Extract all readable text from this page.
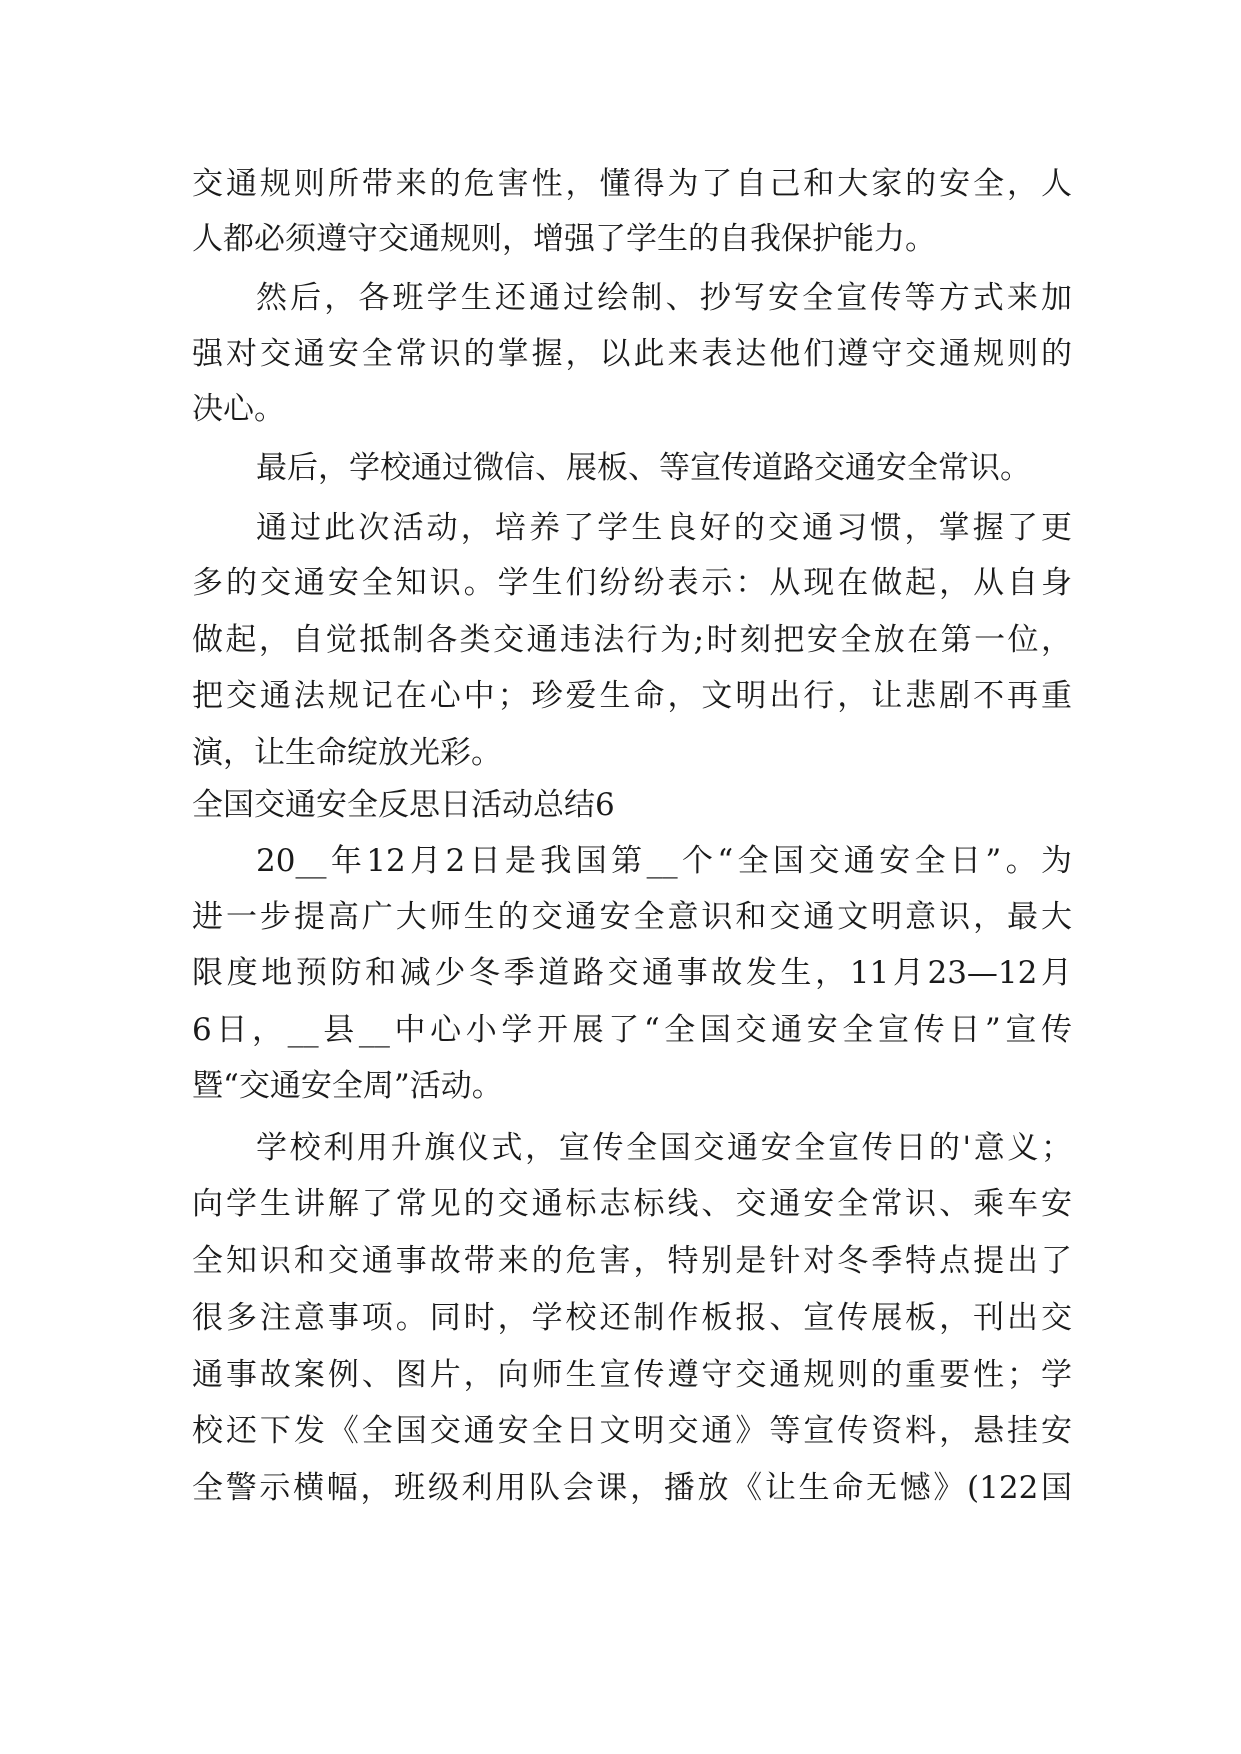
交通规则所带来的危害性，懂得为了自己和大家的安全，人
人都必须遵守交通规则，增强了学生的自我保护能力。
然后，各班学生还通过绘制、抄写安全宣传等方式来加
强对交通安全常识的掌握，以此来表达他们遵守交通规则的
决心。
最后，学校通过微信、展板、等宣传道路交通安全常识。
通过此次活动，培养了学生良好的交通习惯，掌握了更
多的交通安全知识。学生们纷纷表示：从现在做起，从自身
做起，自觉抵制各类交通违法行为;时刻把安全放在第一位，
把交通法规记在心中；珍爱生命，文明出行，让悲剧不再重
演，让生命绽放光彩。
全国交通安全反思日活动总结6
20__年12月2日是我国第__个“全国交通安全日”。为
进一步提高广大师生的交通安全意识和交通文明意识，最大
限度地预防和减少冬季道路交通事故发生，11月23—12月
6日，__县__中心小学开展了“全国交通安全宣传日”宣传
暨“交通安全周”活动。
学校利用升旗仪式，宣传全国交通安全宣传日的'意义；
向学生讲解了常见的交通标志标线、交通安全常识、乘车安
全知识和交通事故带来的危害，特别是针对冬季特点提出了
很多注意事项。同时，学校还制作板报、宣传展板，刊出交
通事故案例、图片，向师生宣传遵守交通规则的重要性；学
校还下发《全国交通安全日文明交通》等宣传资料，悬挂安
全警示横幅，班级利用队会课，播放《让生命无憾》(122国
